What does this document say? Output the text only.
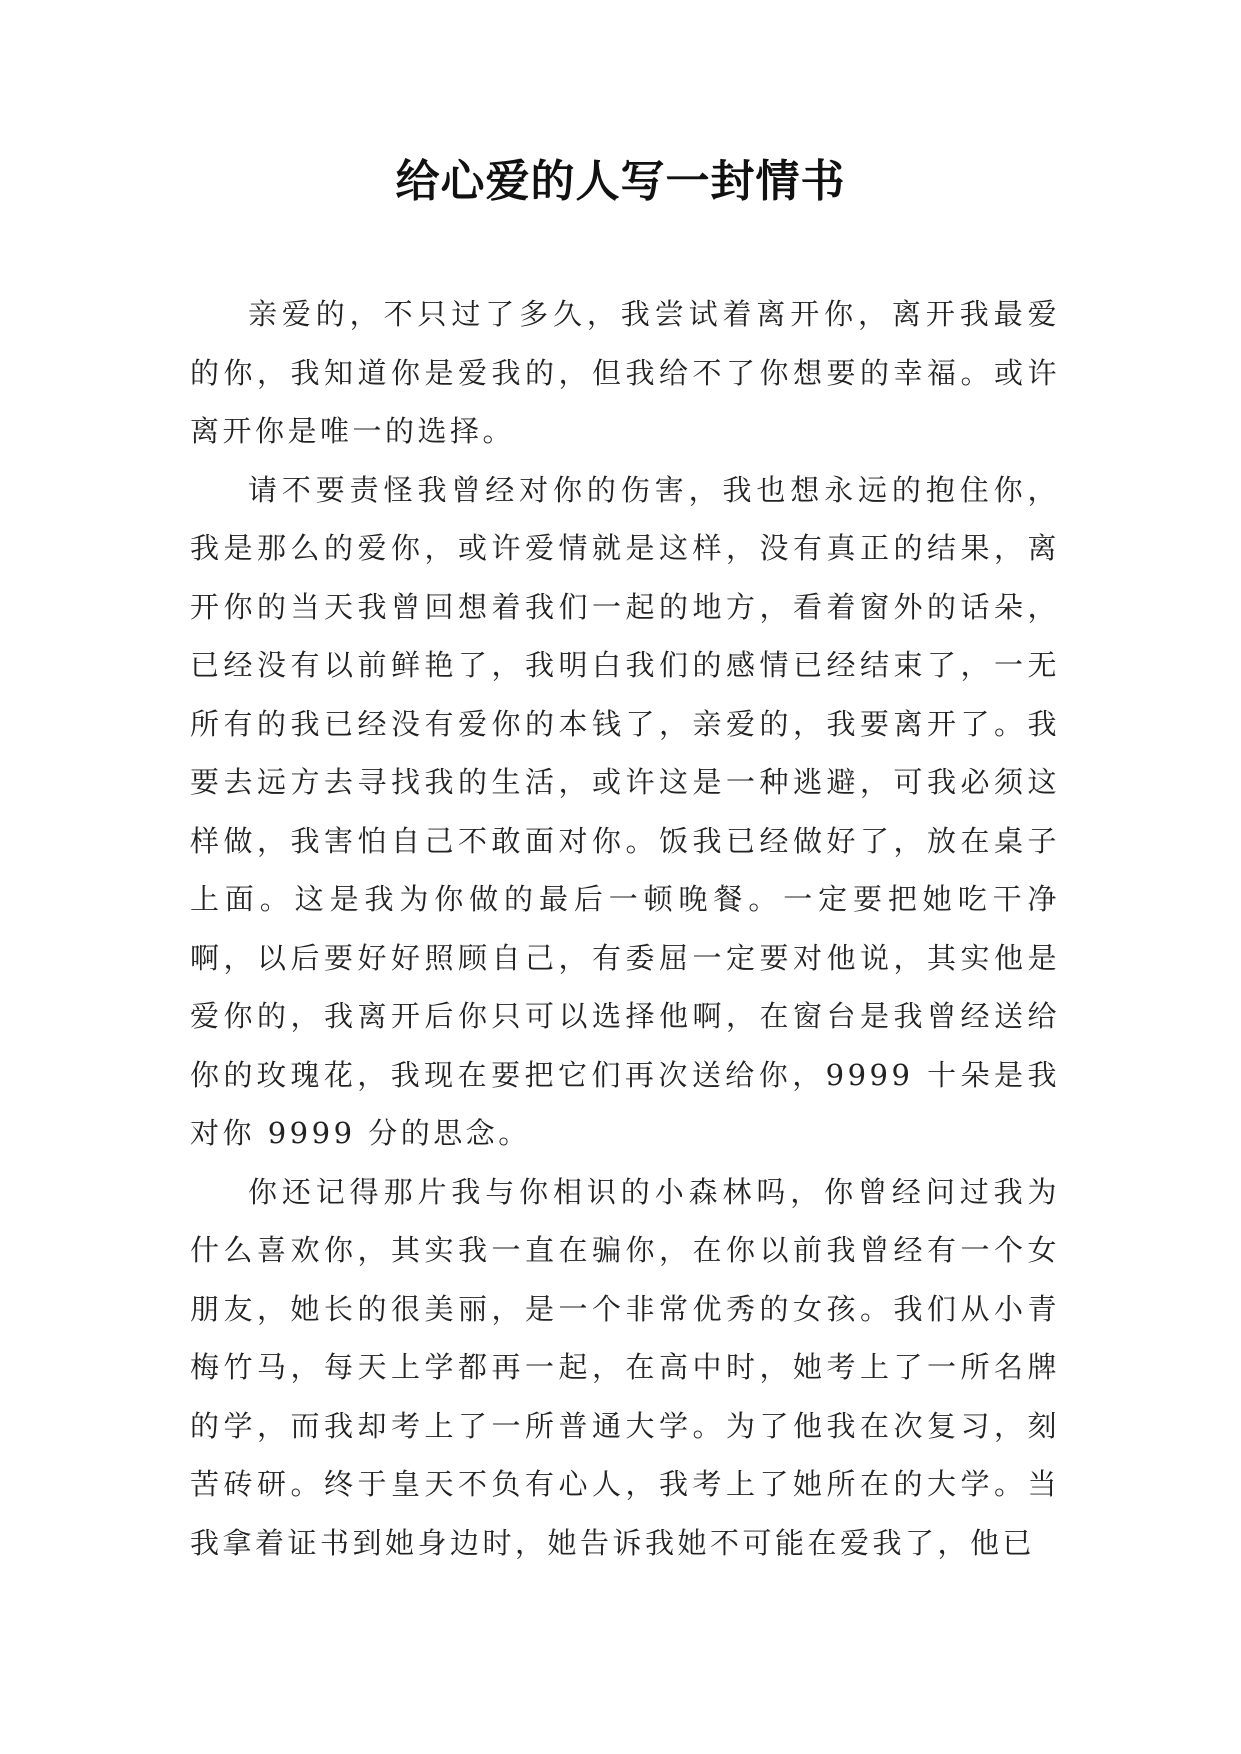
给心爱的人写一封情书

亲爱的，不只过了多久，我尝试着离开你，离开我最爱的你，我知道你是爱我的，但我给不了你想要的幸福。或许离开你是唯一的选择。

请不要责怪我曾经对你的伤害，我也想永远的抱住你，我是那么的爱你，或许爱情就是这样，没有真正的结果，离开你的当天我曾回想着我们一起的地方，看着窗外的话朵，已经没有以前鲜艳了，我明白我们的感情已经结束了，一无所有的我已经没有爱你的本钱了，亲爱的，我要离开了。我要去远方去寻找我的生活，或许这是一种逃避，可我必须这样做，我害怕自己不敢面对你。饭我已经做好了，放在桌子上面。这是我为你做的最后一顿晚餐。一定要把她吃干净啊，以后要好好照顾自己，有委屈一定要对他说，其实他是爱你的，我离开后你只可以选择他啊，在窗台是我曾经送给你的玫瑰花，我现在要把它们再次送给你，9999 十朵是我对你 9999 分的思念。

你还记得那片我与你相识的小森林吗，你曾经问过我为什么喜欢你，其实我一直在骗你，在你以前我曾经有一个女朋友，她长的很美丽，是一个非常优秀的女孩。我们从小青梅竹马，每天上学都再一起，在高中时，她考上了一所名牌的学，而我却考上了一所普通大学。为了他我在次复习，刻苦砖研。终于皇天不负有心人，我考上了她所在的大学。当我拿着证书到她身边时，她告诉我她不可能在爱我了，他已
